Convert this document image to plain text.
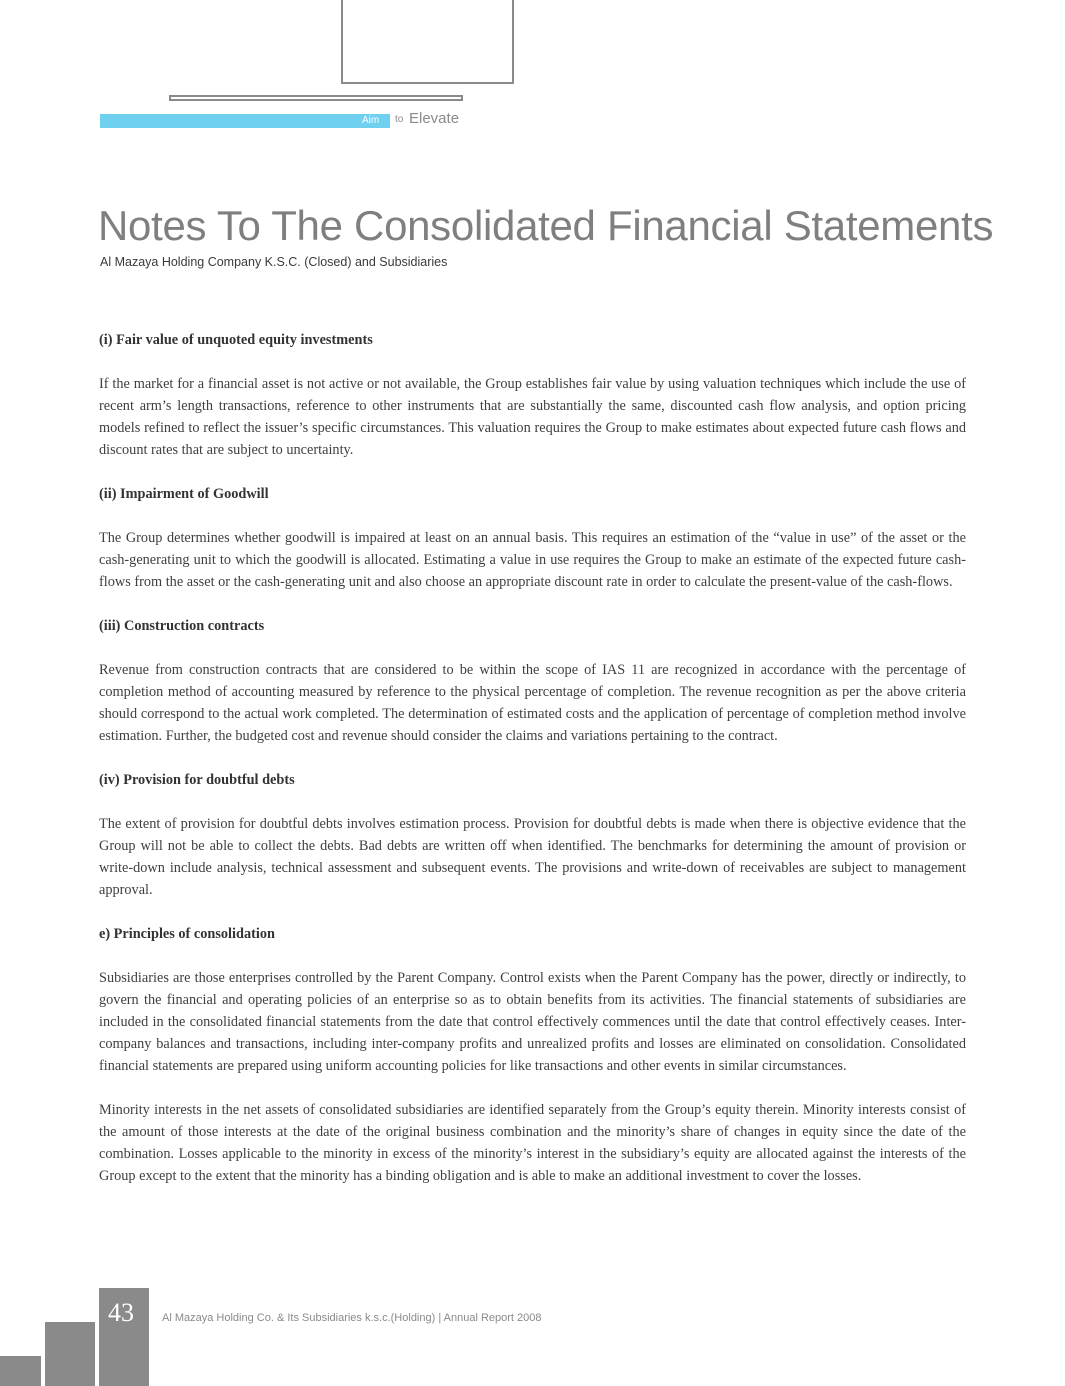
Aim to Elevate
Notes To The Consolidated Financial Statements
Al Mazaya Holding Company K.S.C. (Closed) and Subsidiaries
(i) Fair value of unquoted equity investments

If the market for a financial asset is not active or not available, the Group establishes fair value by using valuation techniques which include the use of recent arm’s length transactions, reference to other instruments that are substantially the same, discounted cash flow analysis, and option pricing models refined to reflect the issuer’s specific circumstances. This valuation requires the Group to make estimates about expected future cash flows and discount rates that are subject to uncertainty.

(ii) Impairment of Goodwill

The Group determines whether goodwill is impaired at least on an annual basis. This requires an estimation of the “value in use” of the asset or the cash-generating unit to which the goodwill is allocated. Estimating a value in use requires the Group to make an estimate of the expected future cash-flows from the asset or the cash-generating unit and also choose an appropriate discount rate in order to calculate the present-value of the cash-flows.

(iii) Construction contracts

Revenue from construction contracts that are considered to be within the scope of IAS 11 are recognized in accordance with the percentage of completion method of accounting measured by reference to the physical percentage of completion. The revenue recognition as per the above criteria should correspond to the actual work completed. The determination of estimated costs and the application of percentage of completion method involve estimation. Further, the budgeted cost and revenue should consider the claims and variations pertaining to the contract.

(iv) Provision for doubtful debts

The extent of provision for doubtful debts involves estimation process. Provision for doubtful debts is made when there is objective evidence that the Group will not be able to collect the debts. Bad debts are written off when identified. The benchmarks for determining the amount of provision or write-down include analysis, technical assessment and subsequent events. The provisions and write-down of receivables are subject to management approval.

e) Principles of consolidation

Subsidiaries are those enterprises controlled by the Parent Company. Control exists when the Parent Company has the power, directly or indirectly, to govern the financial and operating policies of an enterprise so as to obtain benefits from its activities. The financial statements of subsidiaries are included in the consolidated financial statements from the date that control effectively commences until the date that control effectively ceases. Inter-company balances and transactions, including inter-company profits and unrealized profits and losses are eliminated on consolidation. Consolidated financial statements are prepared using uniform accounting policies for like transactions and other events in similar circumstances.

Minority interests in the net assets of consolidated subsidiaries are identified separately from the Group’s equity therein. Minority interests consist of the amount of those interests at the date of the original business combination and the minority’s share of changes in equity since the date of the combination. Losses applicable to the minority in excess of the minority’s interest in the subsidiary’s equity are allocated against the interests of the Group except to the extent that the minority has a binding obligation and is able to make an additional investment to cover the losses.

43	Al Mazaya Holding Co. & Its Subsidiaries k.s.c.(Holding) | Annual Report 2008
